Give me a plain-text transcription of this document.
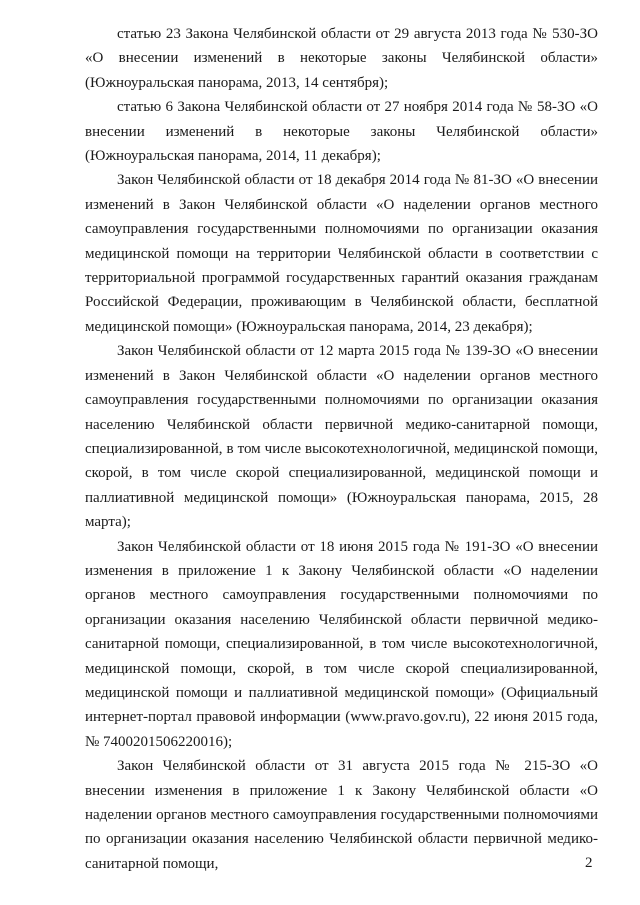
статью 23 Закона Челябинской области от 29 августа 2013 года № 530-ЗО «О внесении изменений в некоторые законы Челябинской области» (Южноуральская панорама, 2013, 14 сентября);

статью 6 Закона Челябинской области от 27 ноября 2014 года № 58-ЗО «О внесении изменений в некоторые законы Челябинской области» (Южноуральская панорама, 2014, 11 декабря);

Закон Челябинской области от 18 декабря 2014 года № 81-ЗО «О внесении изменений в Закон Челябинской области «О наделении органов местного самоуправления государственными полномочиями по организации оказания медицинской помощи на территории Челябинской области в соответствии с территориальной программой государственных гарантий оказания гражданам Российской Федерации, проживающим в Челябинской области, бесплатной медицинской помощи» (Южноуральская панорама, 2014, 23 декабря);

Закон Челябинской области от 12 марта 2015 года № 139-ЗО «О внесении изменений в Закон Челябинской области «О наделении органов местного самоуправления государственными полномочиями по организации оказания населению Челябинской области первичной медико-санитарной помощи, специализированной, в том числе высокотехнологичной, медицинской помощи, скорой, в том числе скорой специализированной, медицинской помощи и паллиативной медицинской помощи» (Южноуральская панорама, 2015, 28 марта);

Закон Челябинской области от 18 июня 2015 года № 191-ЗО «О внесении изменения в приложение 1 к Закону Челябинской области «О наделении органов местного самоуправления государственными полномочиями по организации оказания населению Челябинской области первичной медико-санитарной помощи, специализированной, в том числе высокотехнологичной, медицинской помощи, скорой, в том числе скорой специализированной, медицинской помощи и паллиативной медицинской помощи» (Официальный интернет-портал правовой информации (www.pravo.gov.ru), 22 июня 2015 года, № 7400201506220016);

Закон Челябинской области от 31 августа 2015 года № 215-ЗО «О внесении изменения в приложение 1 к Закону Челябинской области «О наделении органов местного самоуправления государственными полномочиями по организации оказания населению Челябинской области первичной медико-санитарной помощи,	2
